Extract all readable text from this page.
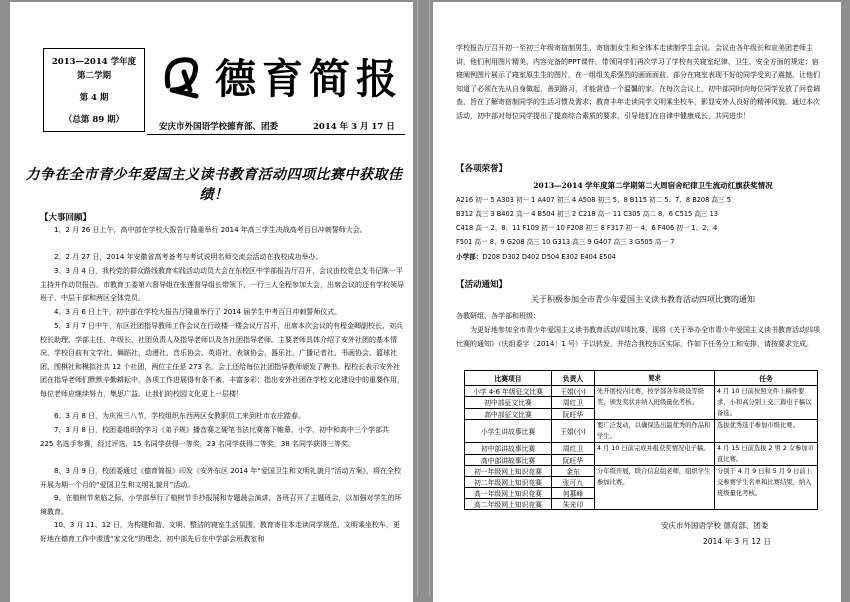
2013—2014 学年度
第二学期
第 4 期
（总第 89 期）
德育简报
安庆市外国语学校德育部、团委	2014 年 3 月 17 日
力争在全市青少年爱国主义读书教育活动四项比赛中获取佳绩！
【大事回顾】
1、2 月 26 日上午，高中部在学校大报告厅隆重举行 2014 年高三学生决战高考百日冲刺誓师大会。
2、2 月 27 日，2014 年安徽省高考备考与考试说明名师交流会活动在我校成功举办。
3、3 月 4 日，我校党的群众路线教育实践活动动员大会在东校区中学部报告厅召开，会议由校党总支书记陈一平主持并作动员报告。市教育工委第六督导组在张莲督导组长带领下，一行三人全程参加大会，出席会议的还有学校领导班子、中层干部和两区全体党员。
4、3 月 6 日上午，初中部在学校大报告厅隆重举行了 2014 届学生中考百日冲刺誓师仪式。
5、3 月 7 日中午，东区社团指导教师工作会议在行政楼一楼会议厅召开，出席本次会议的有程金卿副校长、刘兵校长助理、学部主任、年级长、社团负责人及指导老师以及各社团指导老师。主要老师具体介绍了安外社团的基本情况，学校目前有文学社、舞蹈社、动漫社、音乐协会、英语社、表演协会、器乐社、广播记者社、书画协会、篮球社团、围棋社和模拟社共 12 个社团，两位主任是 273 名。会上还给每位社团指导教师颁发了聘书。程校长表示安外社团在指导老师们默默辛勤耕耘中，各项工作进展得有条不紊，丰富多彩；指出安外社团在学校文化建设中的重要作用，每位老师应继续努力，集思广益，让我们的校园文化更上一层楼！
6、3 月 8 日，为庆祝三八节，学校组织东西两区女教职员工来到杜市农庄踏春。
7、3 月 8 日，校团委组织的学习《弟子规》播音赛之硬笔书法比赛落下帷幕，小学、初中和高中三个学部共 225 名选手参赛，经过评选，15 名同学获得一等奖，23 名同学获得二等奖，38 名同学获得三等奖。
8、3 月 9 日，校团委通过《德育简报》印发《安外东区 2014 年“爱国卫生和文明礼貌月”活动方案》，将在全校开展为期一个月的“爱国卫生和文明礼貌月”活动。
9、在植树节来临之际，小学部举行了植树节手抄报展和专题晨会演讲，各班召开了主题班会，以加强对学生的环境教育。
10、3 月 11、12 日，为构建和谐、文明、整洁的寝室生活氛围，教育寄住本走读同学规范、文明乘坐校车，更好地在德育工作中渗透“家文化”的理念，初中部先后在中学部会班教室和
学校报告厅召开初一至初三年级寄宿制男生、寄宿制女生和全体本走读制学生会议。会议由各年级长和宣美团老师主讲，他们利用图片精美、内容完备的PPT课件，带领同学们再次学习了学校有关寝室纪律、卫生、安全方面的规定；宿寝阐例图片展示了寝室原生生的图片，在一组组关系强烈的画面面前，部分在寝室表现不好的同学受到了震撼，让他们知道了必须在先从自身做起，善到路习，才能营造一个温馨的家。在每次会议上，初中部同时向每位同学发放了问卷调查，旨在了解寄宿制同学的生活习惯及需求；教育丰年走读同学文明乘坐校车，影显安外人良好的精神风貌。通过本次活动，初中部对每位同学提出了提高综合素质的要求，引导他们在自律中健康成长，共同进步！
【各项荣誉】
2013—2014 学年度第二学期第二大周宿舍纪律卫生流动红旗获奖情况
A216 初一 5 A303 初一 1 A407 初三 4 A508 初三 5、8 B115 初二 5、7、8 B208 高三 5
B312 高三 3 B402 高一 4 B504 初三 2 C218 高一 11 C305 高二 8、6 C515 高三 13
C418 高一 2、8、11 F109 初一 10 F208 初三 8 F317 初一 4、6 F406 初一 1、2、4
F501 高一 8、9 G208 高三 10 G313 高三 9 G407 高三 3 G505 高一 7
小学部：D208 D302 D402 D504 E302 E404 E504
【活动通知】
关于积极参加全市青少年爱国主义读书教育活动四项比赛的通知
各教研组、各学部和班级：
为更好地参加全市青少年爱国主义读书教育活动四项比赛，现将《关于举办全市青少年爱国主义读书教育活动四项比赛的通知》（庆组委字〔2014〕1 号）予以转发，并结合我校东区实际，作如下任务分工和安排，请按要求完成。
比赛项目	负责人	要求	任务
小学 4-6 年级征文比赛	王娟(小)	先开展校内比赛，按学部各年级设等级奖，颁发奖状并纳入班级量化考核。	4 月 10 日前按照文件上稿件要求，小和高分别上交三篇电子稿以备选。
初中部征文比赛	周红卫		
高中部征文比赛	阮旺华		
小学生讲故事比赛	王娟(小)	要广泛发动，以确保选出最优秀的作品和学生。	选拔优秀选手参加市级比赛。
初中部讲故事比赛	周红卫	4 月 10 日前完成并报获奖情况电子稿。	4 月 15 日前选拔 2 男 2 女参加市直比赛。
高中部讲故事比赛	阮旺华		
初一年级网上知识竞赛	金东	分年级开展，联合信息组老师，组织学生参加比赛。	分别于 4 月 9 日和 5 月 9 日前上交参赛学生名单和比赛结果，纳入班级量化考核。
初二年级网上知识竞赛	张可九		
高一年级网上知识竞赛	何慕峰		
高二年级网上知识竞赛	朱光印		
安庆市外国语学校 德育部、团委
2014 年 3 月 12 日
